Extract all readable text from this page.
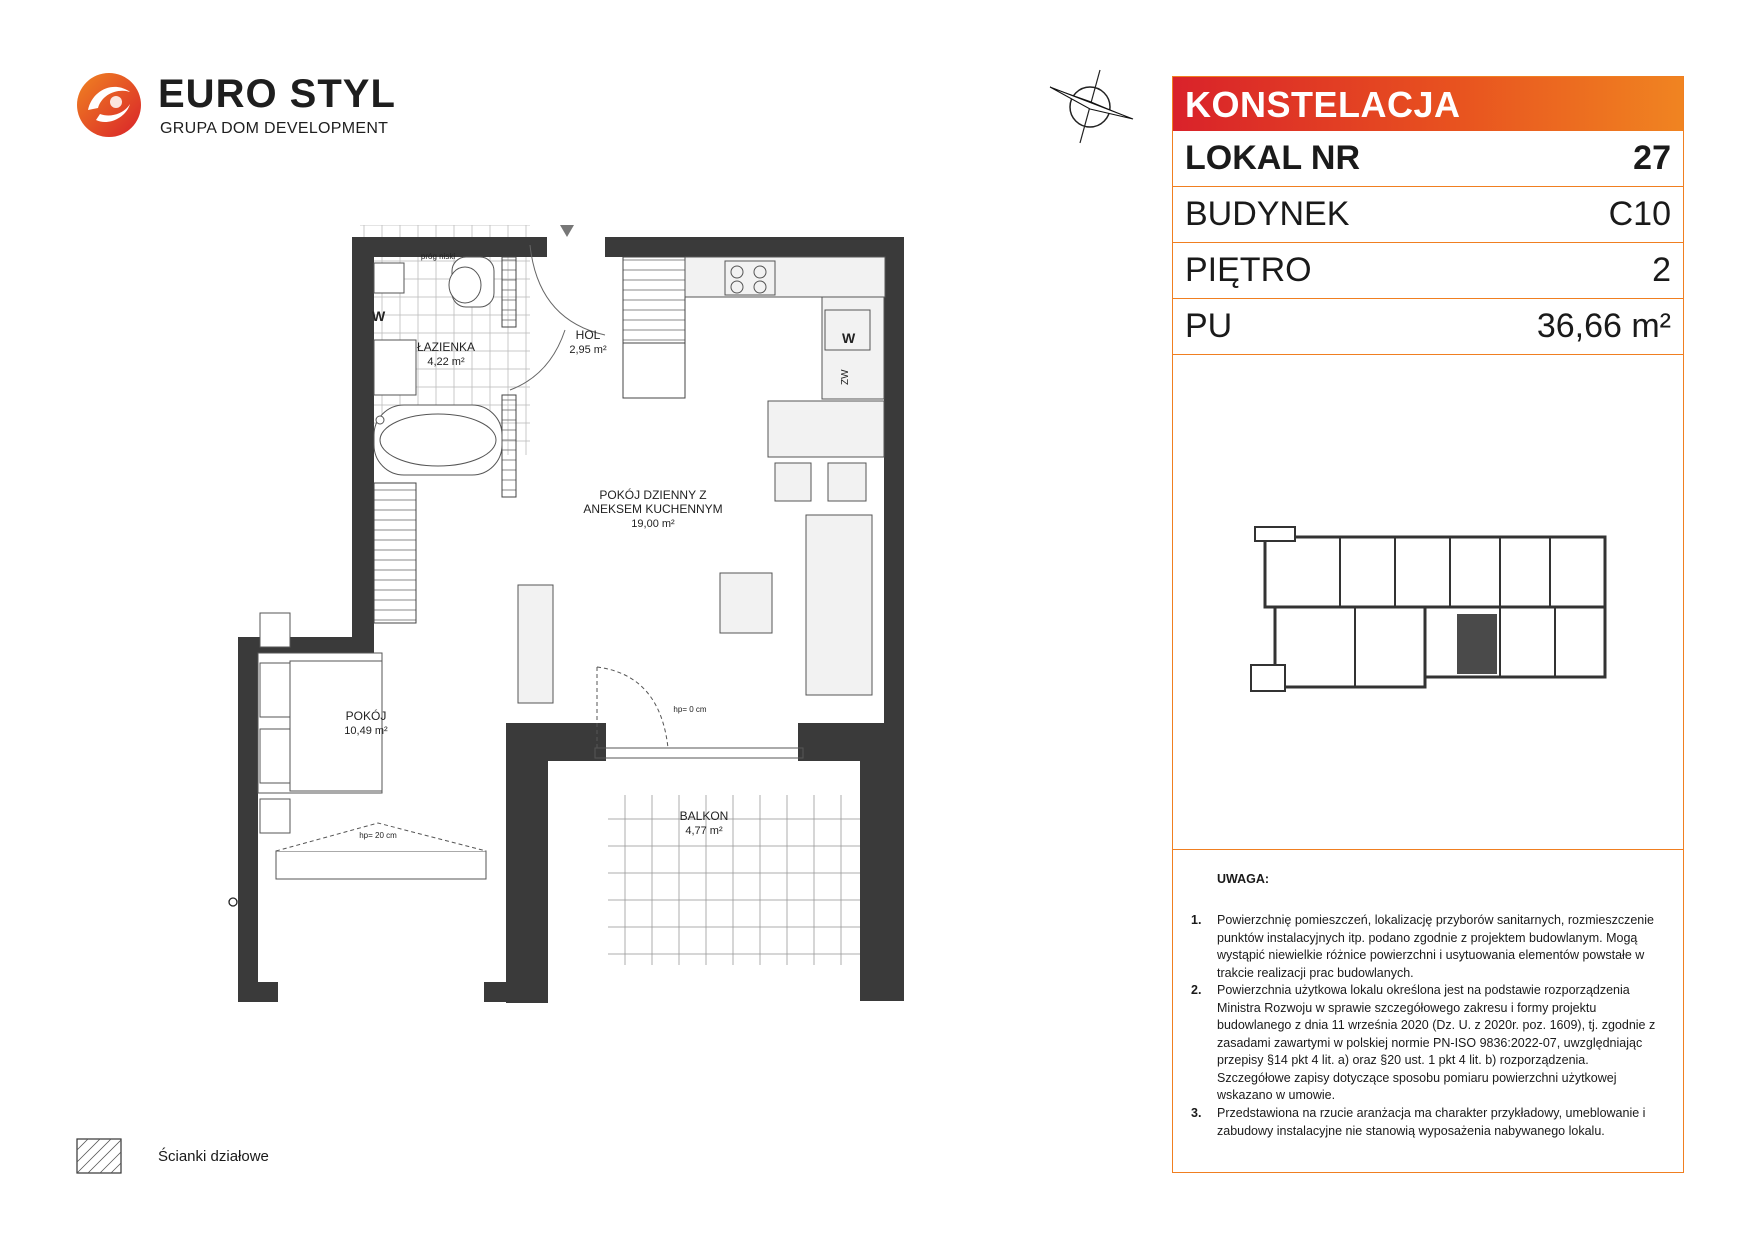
EURO STYL
GRUPA DOM DEVELOPMENT
ŁAZIENKA
4,22 m²
próg niski
W
HOL
2,95 m²
W
ZW
POKÓJ DZIENNY Z
ANEKSEM KUCHENNYM
19,00 m²
hp= 0 cm
BALKON
4,77 m²
POKÓJ
10,49 m²
hp= 20 cm
KONSTELACJA
LOKAL NR	27
BUDYNEK	C10
PIĘTRO	2
PU	36,66 m²
UWAGA:
1. Powierzchnię pomieszczeń, lokalizację przyborów sanitarnych, rozmieszczenie punktów instalacyjnych itp. podano zgodnie z projektem budowlanym. Mogą wystąpić niewielkie różnice powierzchni i usytuowania elementów powstałe w trakcie realizacji prac budowlanych.
2. Powierzchnia użytkowa lokalu określona jest na podstawie rozporządzenia Ministra Rozwoju w sprawie szczegółowego zakresu i formy projektu budowlanego z dnia 11 września 2020 (Dz. U. z 2020r. poz. 1609), tj. zgodnie z zasadami zawartymi w polskiej normie PN-ISO 9836:2022-07, uwzględniając przepisy §14 pkt 4 lit. a) oraz §20 ust. 1 pkt 4 lit. b) rozporządzenia. Szczegółowe zapisy dotyczące sposobu pomiaru powierzchni użytkowej wskazano w umowie.
3. Przedstawiona na rzucie aranżacja ma charakter przykładowy, umeblowanie i zabudowy instalacyjne nie stanowią wyposażenia nabywanego lokalu.
Ścianki działowe
